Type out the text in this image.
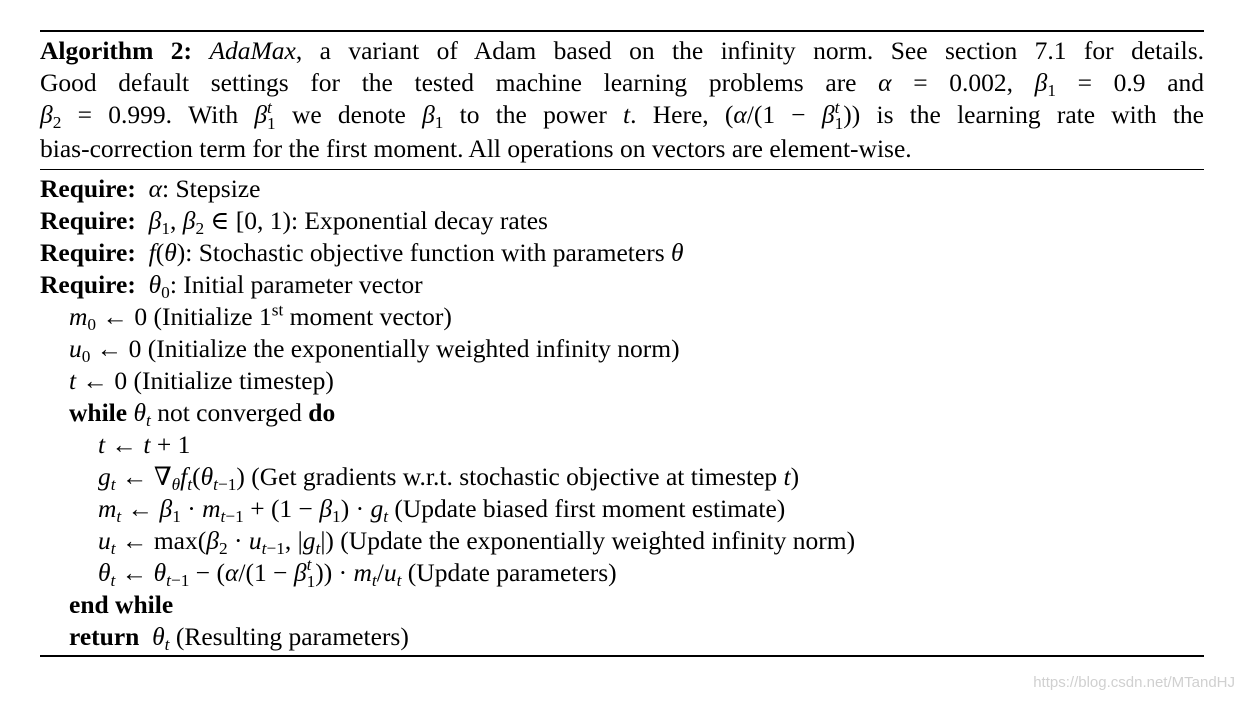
Algorithm 2: AdaMax, a variant of Adam based on the infinity norm. See section 7.1 for details.
Good default settings for the tested machine learning problems are α = 0.002, $\beta_1 = 0.9$ and
$\beta_2 = 0.999$. With β t
1 we denote $\beta_1$ to the power t. Here, (α/(1 − β t
1 )) is the learning rate with the
bias-correction term for the first moment. All operations on vectors are element-wise.
Require: α: Stepsize
Require: $\beta_1$, $\beta_2$ ∈ [0, 1): Exponential decay rates
Require: f(θ): Stochastic objective function with parameters θ
Require: $\theta_0$: Initial parameter vector
$m_0$ ← 0 (Initialize 1st moment vector)
$u_0$ ← 0 (Initialize the exponentially weighted infinity norm)
t ← 0 (Initialize timestep)
while $\theta_t$ not converged do
t ← t + 1
$g_t$ ← $\nabla_\theta f_t(\theta_{t-1})$ (Get gradients w.r.t. stochastic objective at timestep t)
$m_t$ ← $\beta_1 \cdot m_{t-1} + (1 - \beta_1) \cdot g_t$ (Update biased first moment estimate)
$u_t$ ← $\max(\beta_2 \cdot u_{t-1}$, $|g_t|$) (Update the exponentially weighted infinity norm)
$\theta_t$ ← $\theta_{t-1} - (\alpha/(1 - \beta$ t
1 )) · $m_t/u_t$ (Update parameters)
end while
return $\theta_t$ (Resulting parameters)
https://blog.csdn.net/MTandHJ
